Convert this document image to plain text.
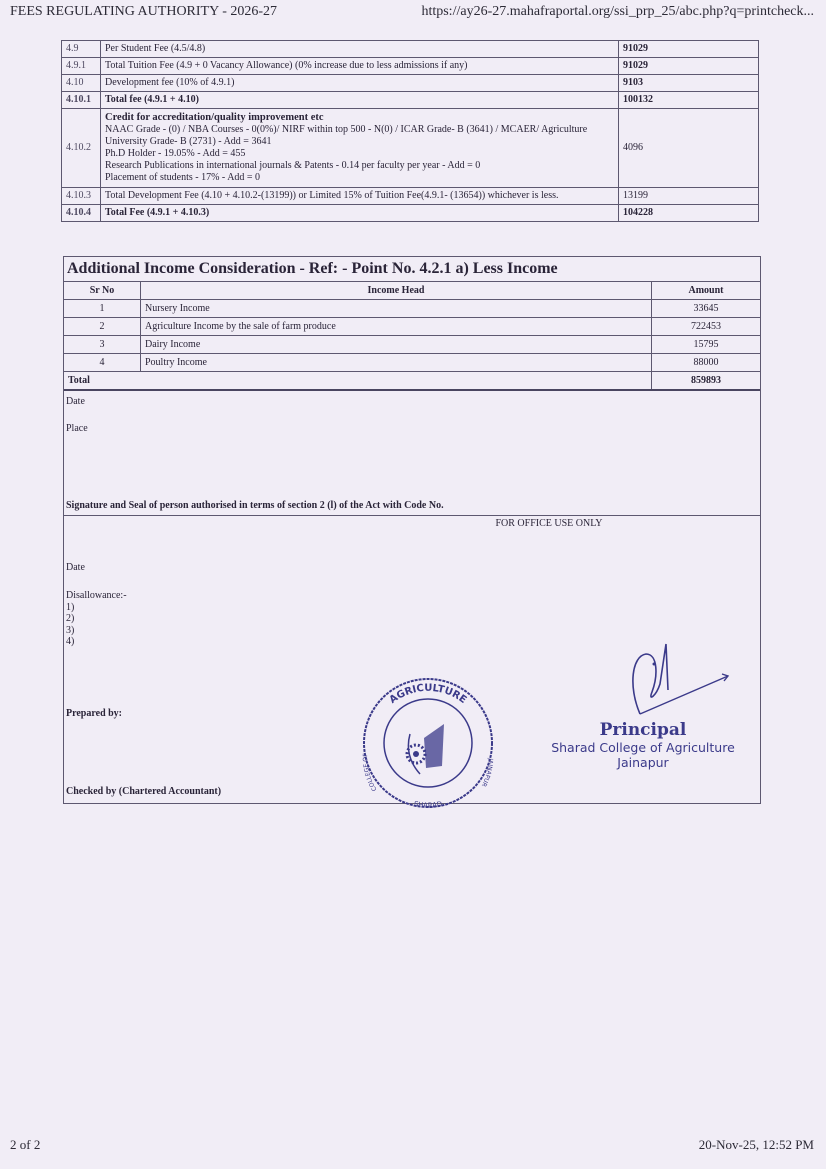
FEES REGULATING AUTHORITY - 2026-27	https://ay26-27.mahafraportal.org/ssi_prp_25/abc.php?q=printcheck...
4.9	Per Student Fee (4.5/4.8)	91029
4.9.1	Total Tuition Fee (4.9 + 0 Vacancy Allowance) (0% increase due to less admissions if any)	91029
4.10	Development fee (10% of 4.9.1)	9103
4.10.1	Total fee (4.9.1 + 4.10)	100132
4.10.2	Credit for accreditation/quality improvement etc
NAAC Grade - (0) / NBA Courses - 0(0%)/ NIRF within top 500 - N(0) / ICAR Grade- B (3641) / MCAER/ Agriculture University Grade- B (2731) - Add = 3641
Ph.D Holder - 19.05% - Add = 455
Research Publications in international journals & Patents - 0.14 per faculty per year - Add = 0
Placement of students - 17% - Add = 0	4096
4.10.3	Total Development Fee (4.10 + 4.10.2-(13199)) or Limited 15% of Tuition Fee(4.9.1- (13654)) whichever is less.	13199
4.10.4	Total Fee (4.9.1 + 4.10.3)	104228
Additional Income Consideration - Ref: - Point No. 4.2.1 a) Less Income
Sr No	Income Head	Amount
1	Nursery Income	33645
2	Agriculture Income by the sale of farm produce	722453
3	Dairy Income	15795
4	Poultry Income	88000
Total		859893
Date
Place
Signature and Seal of person authorised in terms of section 2 (l) of the Act with Code No.
Date
Disallowance:-
1)
2)
3)
4)
Prepared by:
Checked by (Chartered Accountant)
FOR OFFICE USE ONLY
AGRICULTURE
COLLEGE OF
JAINAPUR
SHARAD
Principal
Sharad College of Agriculture
Jainapur
2 of 2	20-Nov-25, 12:52 PM
